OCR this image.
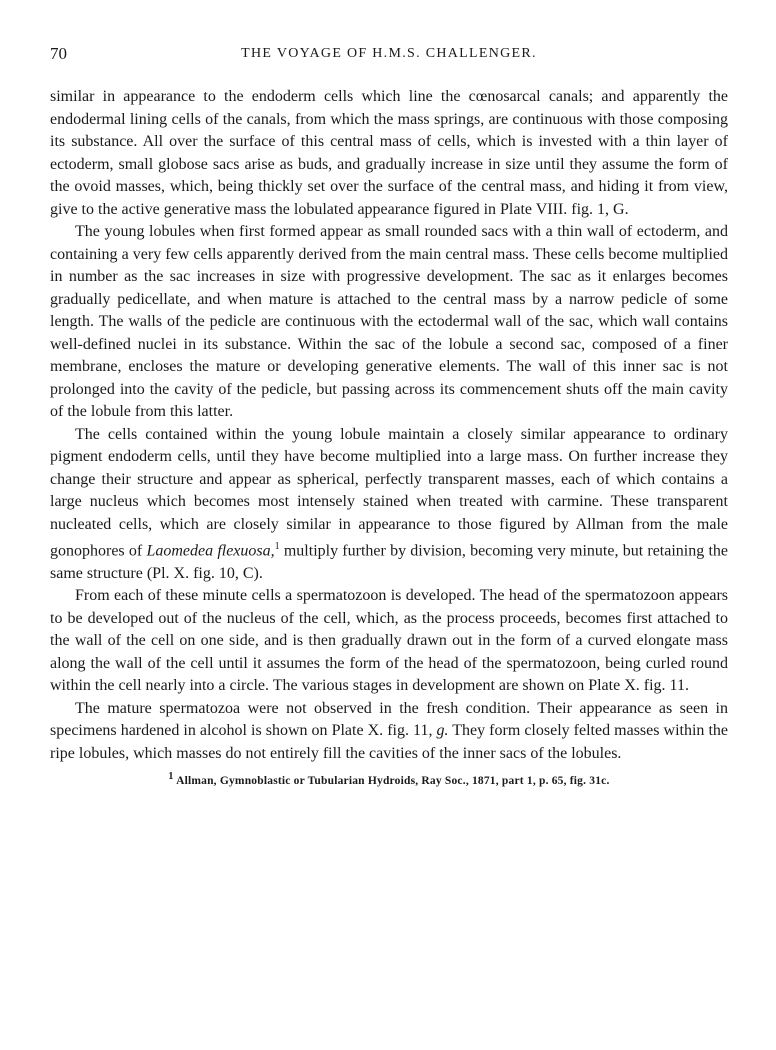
70	THE VOYAGE OF H.M.S. CHALLENGER.

similar in appearance to the endoderm cells which line the cœnosarcal canals; and apparently the endodermal lining cells of the canals, from which the mass springs, are continuous with those composing its substance. All over the surface of this central mass of cells, which is invested with a thin layer of ectoderm, small globose sacs arise as buds, and gradually increase in size until they assume the form of the ovoid masses, which, being thickly set over the surface of the central mass, and hiding it from view, give to the active generative mass the lobulated appearance figured in Plate VIII. fig. 1, G.

The young lobules when first formed appear as small rounded sacs with a thin wall of ectoderm, and containing a very few cells apparently derived from the main central mass. These cells become multiplied in number as the sac increases in size with progressive development. The sac as it enlarges becomes gradually pedicellate, and when mature is attached to the central mass by a narrow pedicle of some length. The walls of the pedicle are continuous with the ectodermal wall of the sac, which wall contains well-defined nuclei in its substance. Within the sac of the lobule a second sac, composed of a finer membrane, encloses the mature or developing generative elements. The wall of this inner sac is not prolonged into the cavity of the pedicle, but passing across its commencement shuts off the main cavity of the lobule from this latter.

The cells contained within the young lobule maintain a closely similar appearance to ordinary pigment endoderm cells, until they have become multiplied into a large mass. On further increase they change their structure and appear as spherical, perfectly transparent masses, each of which contains a large nucleus which becomes most intensely stained when treated with carmine. These transparent nucleated cells, which are closely similar in appearance to those figured by Allman from the male gonophores of Laomedea flexuosa,$^1$ multiply further by division, becoming very minute, but retaining the same structure (Pl. X. fig. 10, C).

From each of these minute cells a spermatozoon is developed. The head of the spermatozoon appears to be developed out of the nucleus of the cell, which, as the process proceeds, becomes first attached to the wall of the cell on one side, and is then gradually drawn out in the form of a curved elongate mass along the wall of the cell until it assumes the form of the head of the spermatozoon, being curled round within the cell nearly into a circle. The various stages in development are shown on Plate X. fig. 11.

The mature spermatozoa were not observed in the fresh condition. Their appearance as seen in specimens hardened in alcohol is shown on Plate X. fig. 11, g. They form closely felted masses within the ripe lobules, which masses do not entirely fill the cavities of the inner sacs of the lobules.

$^1$ Allman, Gymnoblastic or Tubularian Hydroids, Ray Soc., 1871, part 1, p. 65, fig. 31c.
